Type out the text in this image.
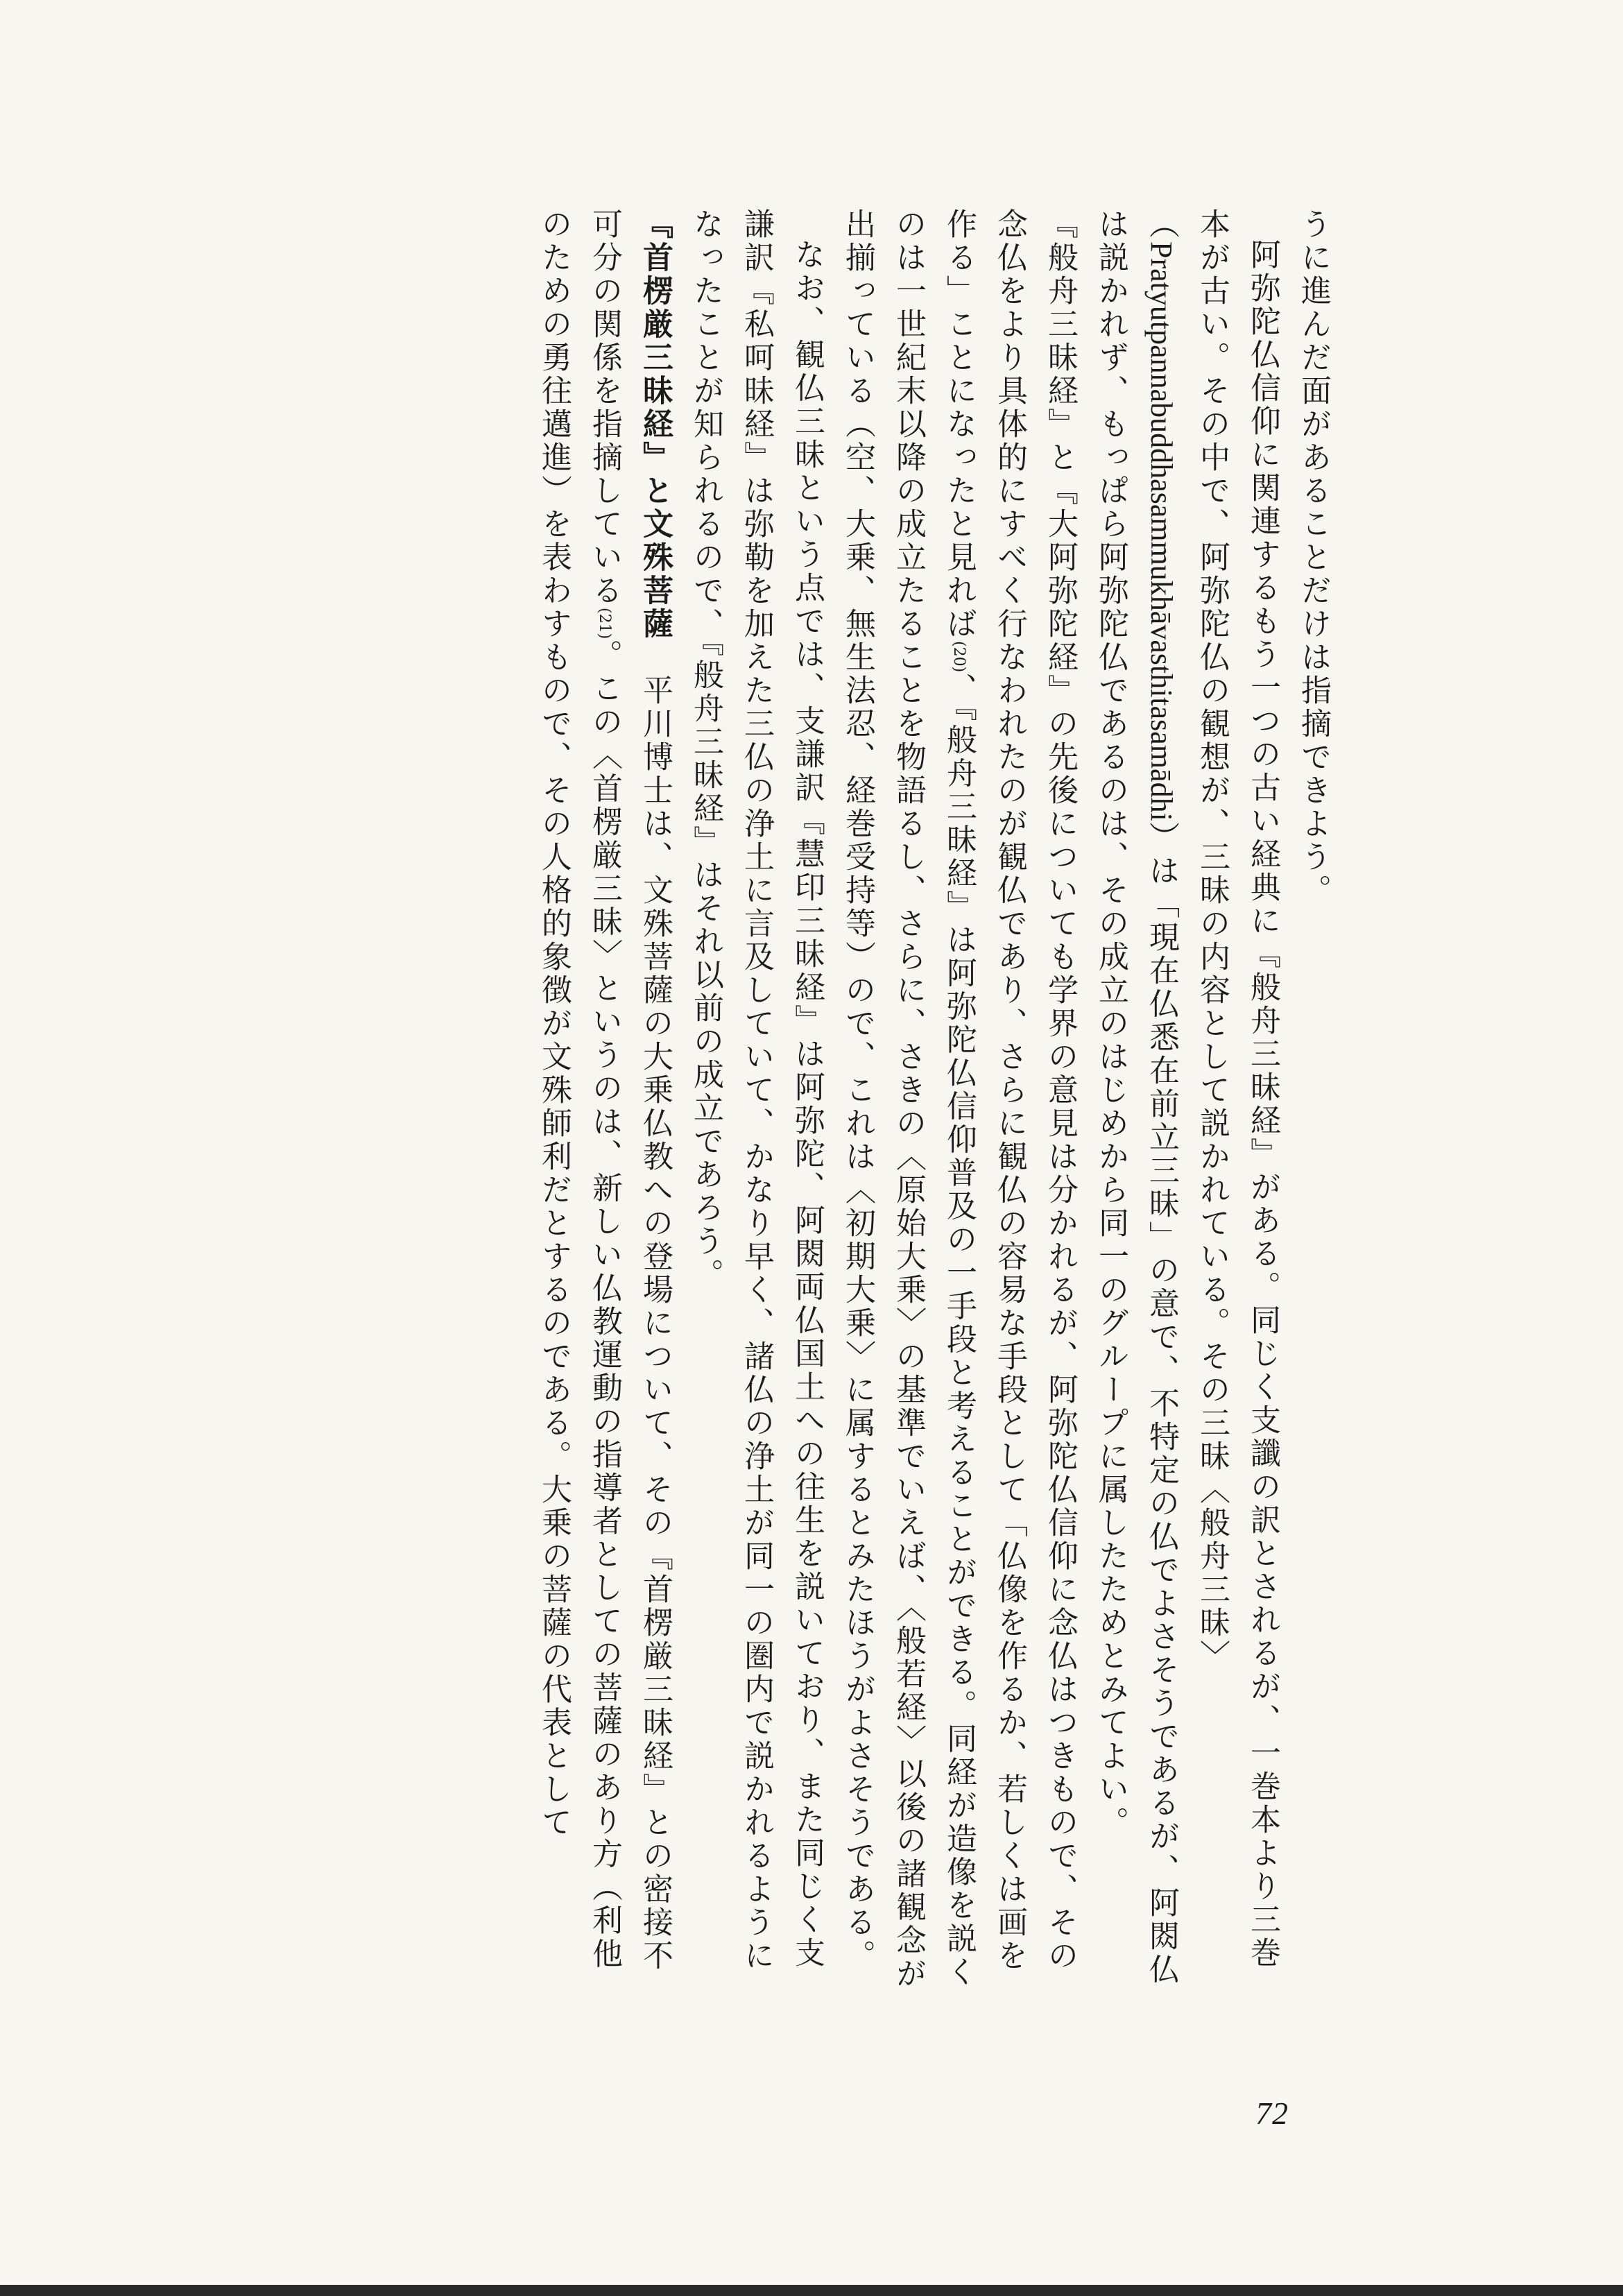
うに進んだ面があることだけは指摘できよう。

阿弥陀仏信仰に関連するもう一つの古い経典に『般舟三昧経』がある。同じく支讖の訳とされるが、一巻本より三巻本が古い。その中で、阿弥陀仏の観想が、三昧の内容として説かれている。その三昧〈般舟三昧〉（Pratyutpannabuddhasammukhāvasthitasamādhi）は「現在仏悉在前立三昧」の意で、不特定の仏でよさそうであるが、阿閦仏は説かれず、もっぱら阿弥陀仏であるのは、その成立のはじめから同一のグループに属したためとみてよい。

『般舟三昧経』と『大阿弥陀経』の先後についても学界の意見は分かれるが、阿弥陀仏信仰に念仏はつきもので、その念仏をより具体的にすべく行なわれたのが観仏であり、さらに観仏の容易な手段として「仏像を作るか、若しくは画を作る」ことになったと見れば(20)、『般舟三昧経』は阿弥陀仏信仰普及の一手段と考えることができる。同経が造像を説くのは一世紀末以降の成立たることを物語るし、さらに、さきの〈原始大乗〉の基準でいえば、〈般若経〉以後の諸観念が出揃っている（空、大乗、無生法忍、経巻受持等）ので、これは〈初期大乗〉に属するとみたほうがよさそうである。

なお、観仏三昧という点では、支謙訳『慧印三昧経』は阿弥陀、阿閦両仏国土への往生を説いており、また同じく支謙訳『私呵昧経』は弥勒を加えた三仏の浄土に言及していて、かなり早く、諸仏の浄土が同一の圏内で説かれるようになったことが知られるので、『般舟三昧経』はそれ以前の成立であろう。

『首楞厳三昧経』と文殊菩薩　平川博士は、文殊菩薩の大乗仏教への登場について、その『首楞厳三昧経』との密接不可分の関係を指摘している(21)。この〈首楞厳三昧〉というのは、新しい仏教運動の指導者としての菩薩のあり方（利他のための勇往邁進）を表わすもので、その人格的象徴が文殊師利だとするのである。大乗の菩薩の代表として

72
